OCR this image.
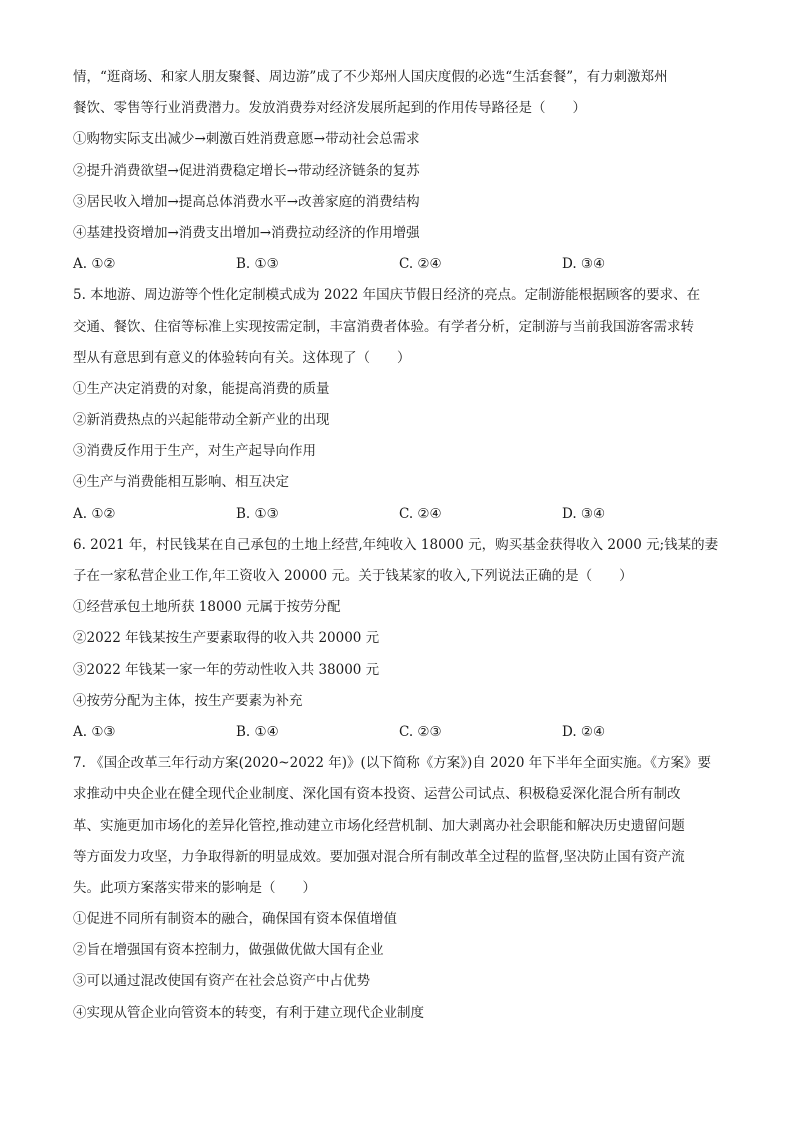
情，“逛商场、和家人朋友聚餐、周边游”成了不少郑州人国庆度假的必选“生活套餐”，有力刺激郑州
餐饮、零售等行业消费潜力。发放消费券对经济发展所起到的作用传导路径是（　　）
①购物实际支出减少→刺激百姓消费意愿→带动社会总需求
②提升消费欲望→促进消费稳定增长→带动经济链条的复苏
③居民收入增加→提高总体消费水平→改善家庭的消费结构
④基建投资增加→消费支出增加→消费拉动经济的作用增强
A. ①②	B. ①③	C. ②④	D. ③④
5. 本地游、周边游等个性化定制模式成为 2022 年国庆节假日经济的亮点。定制游能根据顾客的要求、在
交通、餐饮、住宿等标准上实现按需定制，丰富消费者体验。有学者分析，定制游与当前我国游客需求转
型从有意思到有意义的体验转向有关。这体现了（　　）
①生产决定消费的对象，能提高消费的质量
②新消费热点的兴起能带动全新产业的出现
③消费反作用于生产，对生产起导向作用
④生产与消费能相互影响、相互决定
A. ①②	B. ①③	C. ②④	D. ③④
6. 2021 年，村民钱某在自己承包的土地上经营,年纯收入 18000 元，购买基金获得收入 2000 元;钱某的妻
子在一家私营企业工作,年工资收入 20000 元。关于钱某家的收入,下列说法正确的是（　　）
①经营承包土地所获 18000 元属于按劳分配
②2022 年钱某按生产要素取得的收入共 20000 元
③2022 年钱某一家一年的劳动性收入共 38000 元
④按劳分配为主体，按生产要素为补充
A. ①③	B. ①④	C. ②③	D. ②④
7. 《国企改革三年行动方案(2020~2022 年)》(以下简称《方案》)自 2020 年下半年全面实施。《方案》要
求推动中央企业在健全现代企业制度、深化国有资本投资、运营公司试点、积极稳妥深化混合所有制改
革、实施更加市场化的差异化管控,推动建立市场化经营机制、加大剥离办社会职能和解决历史遗留问题
等方面发力攻坚，力争取得新的明显成效。要加强对混合所有制改革全过程的监督,坚决防止国有资产流
失。此项方案落实带来的影响是（　　）
①促进不同所有制资本的融合，确保国有资本保值增值
②旨在增强国有资本控制力，做强做优做大国有企业
③可以通过混改使国有资产在社会总资产中占优势
④实现从管企业向管资本的转变，有利于建立现代企业制度
